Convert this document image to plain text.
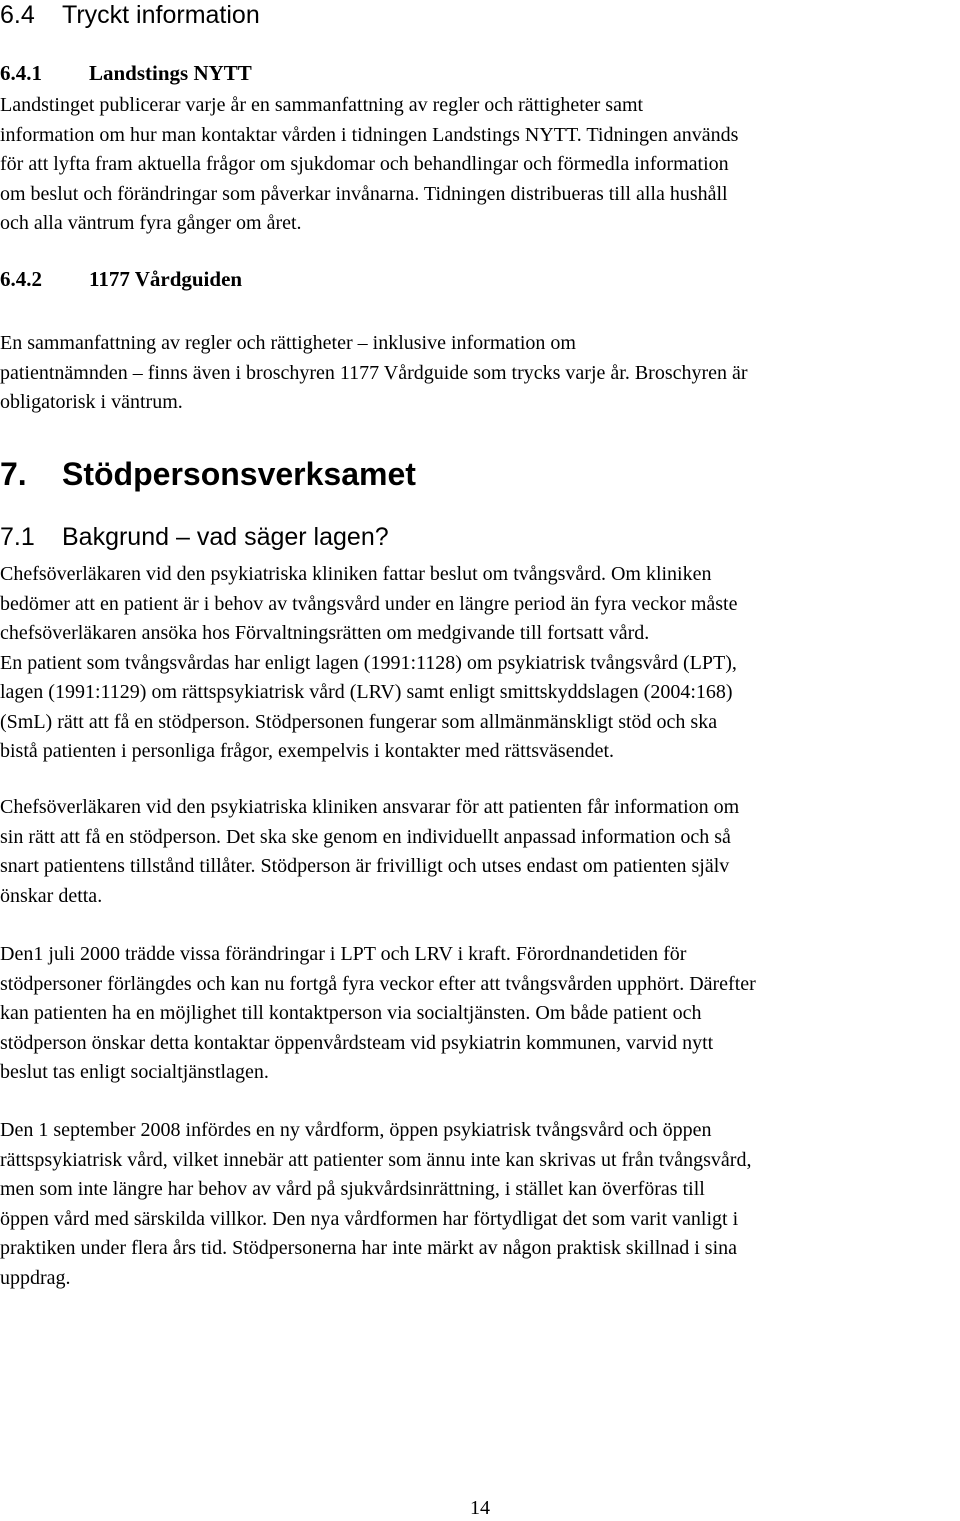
6.4 Tryckt information
6.4.1 Landstings NYTT
Landstinget publicerar varje år en sammanfattning av regler och rättigheter samt
information om hur man kontaktar vården i tidningen Landstings NYTT. Tidningen används
för att lyfta fram aktuella frågor om sjukdomar och behandlingar och förmedla information
om beslut och förändringar som påverkar invånarna. Tidningen distribueras till alla hushåll
och alla väntrum fyra gånger om året.
6.4.2 1177 Vårdguiden
En sammanfattning av regler och rättigheter – inklusive information om
patientnämnden – finns även i broschyren 1177 Vårdguide som trycks varje år. Broschyren är
obligatorisk i väntrum.
7. Stödpersonsverksamet
7.1 Bakgrund – vad säger lagen?
Chefsöverläkaren vid den psykiatriska kliniken fattar beslut om tvångsvård. Om kliniken
bedömer att en patient är i behov av tvångsvård under en längre period än fyra veckor måste
chefsöverläkaren ansöka hos Förvaltningsrätten om medgivande till fortsatt vård.
En patient som tvångsvårdas har enligt lagen (1991:1128) om psykiatrisk tvångsvård (LPT),
lagen (1991:1129) om rättspsykiatrisk vård (LRV) samt enligt smittskyddslagen (2004:168)
(SmL) rätt att få en stödperson. Stödpersonen fungerar som allmänmänskligt stöd och ska
bistå patienten i personliga frågor, exempelvis i kontakter med rättsväsendet.
Chefsöverläkaren vid den psykiatriska kliniken ansvarar för att patienten får information om
sin rätt att få en stödperson. Det ska ske genom en individuellt anpassad information och så
snart patientens tillstånd tillåter. Stödperson är frivilligt och utses endast om patienten själv
önskar detta.
Den1 juli 2000 trädde vissa förändringar i LPT och LRV i kraft. Förordnandetiden för
stödpersoner förlängdes och kan nu fortgå fyra veckor efter att tvångsvården upphört. Därefter
kan patienten ha en möjlighet till kontaktperson via socialtjänsten. Om både patient och
stödperson önskar detta kontaktar öppenvårdsteam vid psykiatrin kommunen, varvid nytt
beslut tas enligt socialtjänstlagen.
Den 1 september 2008 infördes en ny vårdform, öppen psykiatrisk tvångsvård och öppen
rättspsykiatrisk vård, vilket innebär att patienter som ännu inte kan skrivas ut från tvångsvård,
men som inte längre har behov av vård på sjukvårdsinrättning, i stället kan överföras till
öppen vård med särskilda villkor. Den nya vårdformen har förtydligat det som varit vanligt i
praktiken under flera års tid. Stödpersonerna har inte märkt av någon praktisk skillnad i sina
uppdrag.
14
